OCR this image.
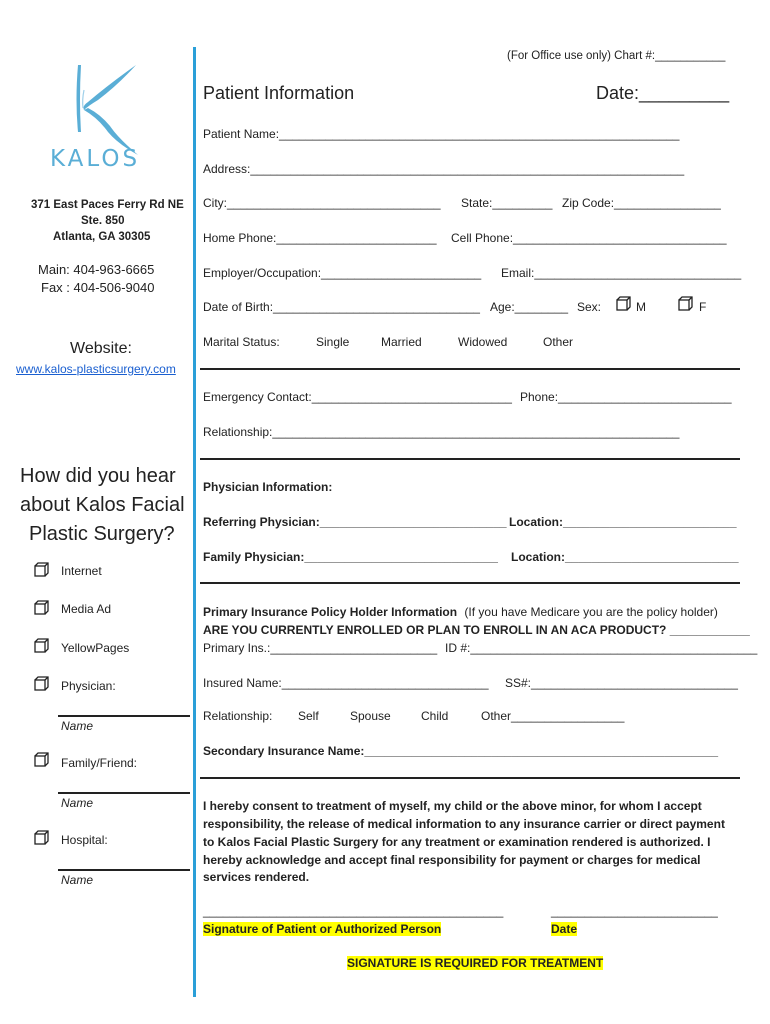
(For Office use only) Chart #:___________
KALOS
371 East Paces Ferry Rd NE
Ste. 850
Atlanta, GA 30305
Main: 404-963-6665
Fax : 404-506-9040
Website:
www.kalos-plasticsurgery.com
How did you hear
about Kalos Facial
Plastic Surgery?
Internet
Media Ad
YellowPages
Physician:
Name
Family/Friend:
Name
Hospital:
Name
Patient Information	Date:_________
Patient Name:____________________________________________________________
Address:_________________________________________________________________
City:________________________________ State:_________ Zip Code:________________
Home Phone:________________________ Cell Phone:________________________________
Employer/Occupation:________________________ Email:_______________________________
Date of Birth:_______________________________ Age:________ Sex:	M	F
Marital Status:	Single	Married	Widowed	Other
Emergency Contact:______________________________ Phone:__________________________
Relationship:_____________________________________________________________
Physician Information:
Referring Physician:____________________________ Location:__________________________
Family Physician:_____________________________ Location:__________________________
Primary Insurance Policy Holder Information (If you have Medicare you are the policy holder)
ARE YOU CURRENTLY ENROLLED OR PLAN TO ENROLL IN AN ACA PRODUCT? ____________
Primary Ins.:_________________________ ID #:___________________________________________
Insured Name:_______________________________ SS#:_______________________________
Relationship: Self	Spouse	Child	Other_________________
Secondary Insurance Name:_____________________________________________________
I hereby consent to treatment of myself, my child or the above minor, for whom I accept
responsibility, the release of medical information to any insurance carrier or direct payment
to Kalos Facial Plastic Surgery for any treatment or examination rendered is authorized. I
hereby acknowledge and accept final responsibility for payment or charges for medical
services rendered.
_____________________________________________	_________________________
Signature of Patient or Authorized Person	Date
SIGNATURE IS REQUIRED FOR TREATMENT
